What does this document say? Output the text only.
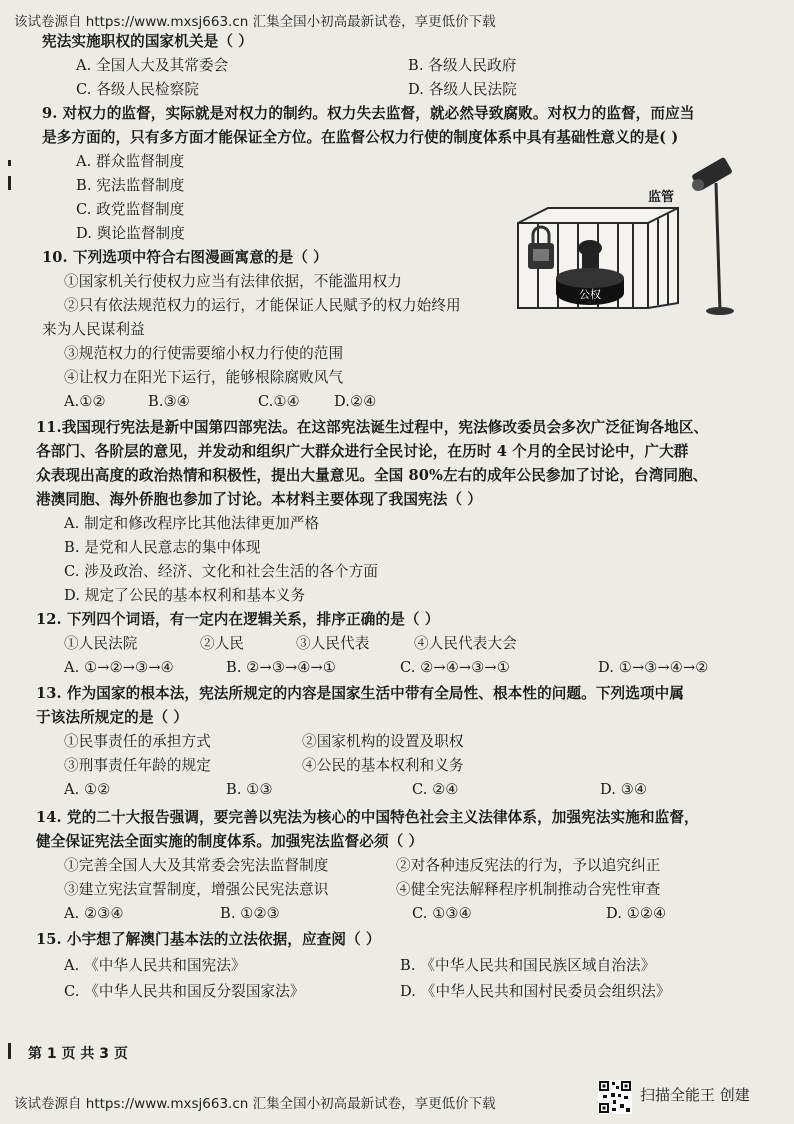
该试卷源自 https://www.mxsj663.cn 汇集全国小初高最新试卷，享更低价下载
宪法实施职权的国家机关是（ ）
A. 全国人大及其常委会	B. 各级人民政府
C. 各级人民检察院	D. 各级人民法院
9. 对权力的监督，实际就是对权力的制约。权力失去监督，就必然导致腐败。对权力的监督，而应当
是多方面的，只有多方面才能保证全方位。在监督公权力行使的制度体系中具有基础性意义的是( )
A. 群众监督制度
B. 宪法监督制度
C. 政党监督制度
D. 舆论监督制度
公权
监管
10. 下列选项中符合右图漫画寓意的是（ ）
①国家机关行使权力应当有法律依据，不能滥用权力
②只有依法规范权力的运行，才能保证人民赋予的权力始终用
来为人民谋利益
③规范权力的行使需要缩小权力行使的范围
④让权力在阳光下运行，能够根除腐败风气
A.①②	B.③④	C.①④ D.②④
11.我国现行宪法是新中国第四部宪法。在这部宪法诞生过程中，宪法修改委员会多次广泛征询各地区、
各部门、各阶层的意见，并发动和组织广大群众进行全民讨论，在历时 4 个月的全民讨论中，广大群
众表现出高度的政治热情和积极性，提出大量意见。全国 80%左右的成年公民参加了讨论，台湾同胞、
港澳同胞、海外侨胞也参加了讨论。本材料主要体现了我国宪法（ ）
A. 制定和修改程序比其他法律更加严格
B. 是党和人民意志的集中体现
C. 涉及政治、经济、文化和社会生活的各个方面
D. 规定了公民的基本权利和基本义务
12. 下列四个词语，有一定内在逻辑关系，排序正确的是（ ）
①人民法院	②人民	③人民代表	④人民代表大会
A. ①→②→③→④	B. ②→③→④→①	C. ②→④→③→①	D. ①→③→④→②
13. 作为国家的根本法，宪法所规定的内容是国家生活中带有全局性、根本性的问题。下列选项中属
于该法所规定的是（ ）
①民事责任的承担方式	②国家机构的设置及职权
③刑事责任年龄的规定	④公民的基本权利和义务
A. ①②	B. ①③	C. ②④	D. ③④
14. 党的二十大报告强调，要完善以宪法为核心的中国特色社会主义法律体系，加强宪法实施和监督，
健全保证宪法全面实施的制度体系。加强宪法监督必须（ ）
①完善全国人大及其常委会宪法监督制度	②对各种违反宪法的行为，予以追究纠正
③建立宪法宣誓制度，增强公民宪法意识	④健全宪法解释程序机制推动合宪性审查
A. ②③④	B. ①②③	C. ①③④	D. ①②④
15. 小宇想了解澳门基本法的立法依据，应查阅（ ）
A. 《中华人民共和国宪法》	B. 《中华人民共和国民族区域自治法》
C. 《中华人民共和国反分裂国家法》	D. 《中华人民共和国村民委员会组织法》
第 1 页 共 3 页
该试卷源自 https://www.mxsj663.cn 汇集全国小初高最新试卷，享更低价下载	扫描全能王 创建
